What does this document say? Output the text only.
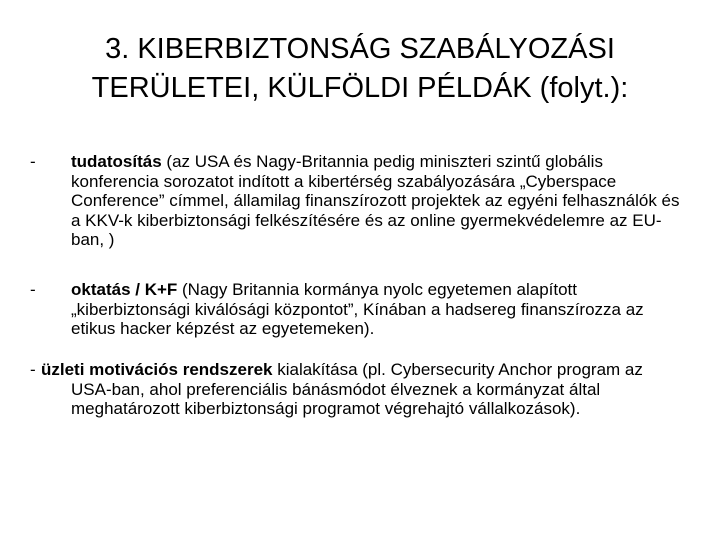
3. KIBERBIZTONSÁG SZABÁLYOZÁSI
TERÜLETEI, KÜLFÖLDI PÉLDÁK (folyt.):
- tudatosítás (az USA és Nagy-Britannia pedig miniszteri szintű globális konferencia sorozatot indított a kibertérség szabályozására „Cyberspace Conference” címmel, államilag finanszírozott projektek az egyéni felhasználók és a KKV-k kiberbiztonsági felkészítésére és az online gyermekvédelemre az EU-ban, )
- oktatás / K+F (Nagy Britannia kormánya nyolc egyetemen alapított „kiberbiztonsági kiválósági központot”, Kínában a hadsereg finanszírozza az etikus hacker képzést az egyetemeken).
- üzleti motivációs rendszerek kialakítása (pl. Cybersecurity Anchor program az USA-ban, ahol preferenciális bánásmódot élveznek a kormányzat által meghatározott kiberbiztonsági programot végrehajtó vállalkozások).
